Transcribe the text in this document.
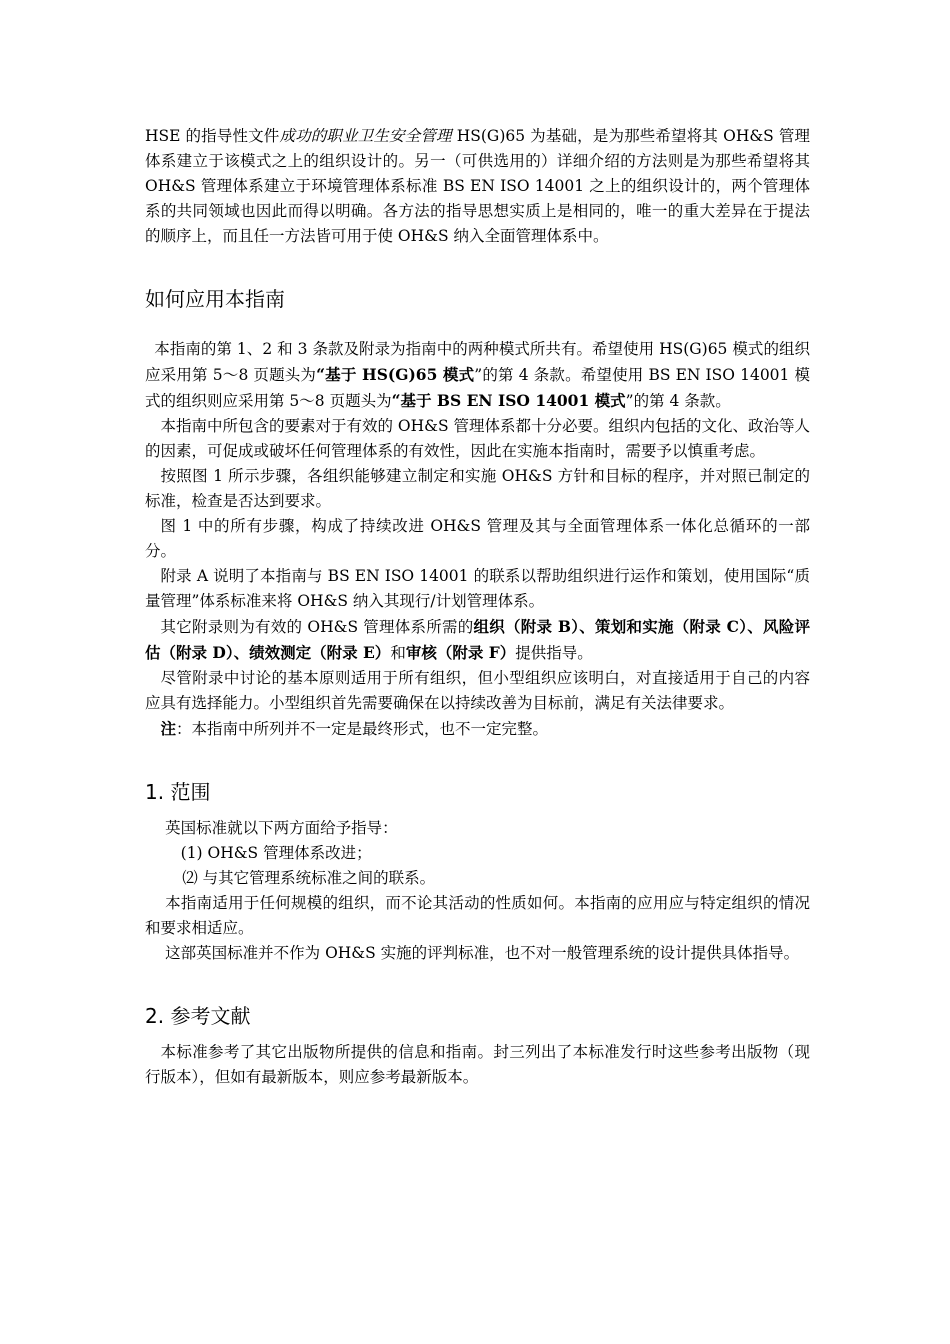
HSE 的指导性文件成功的职业卫生安全管理 HS(G)65 为基础，是为那些希望将其 OH&S 管理体系建立于该模式之上的组织设计的。另一（可供选用的）详细介绍的方法则是为那些希望将其 OH&S 管理体系建立于环境管理体系标准 BS EN ISO 14001 之上的组织设计的，两个管理体系的共同领域也因此而得以明确。各方法的指导思想实质上是相同的，唯一的重大差异在于提法的顺序上，而且任一方法皆可用于使 OH&S 纳入全面管理体系中。

如何应用本指南

本指南的第 1、2 和 3 条款及附录为指南中的两种模式所共有。希望使用 HS(G)65 模式的组织应采用第 5～8 页题头为“基于 HS(G)65 模式”的第 4 条款。希望使用 BS EN ISO 14001 模式的组织则应采用第 5～8 页题头为“基于 BS EN ISO 14001 模式”的第 4 条款。

本指南中所包含的要素对于有效的 OH&S 管理体系都十分必要。组织内包括的文化、政治等人的因素，可促成或破坏任何管理体系的有效性，因此在实施本指南时，需要予以慎重考虑。

按照图 1 所示步骤，各组织能够建立制定和实施 OH&S 方针和目标的程序，并对照已制定的标准，检查是否达到要求。

图 1 中的所有步骤，构成了持续改进 OH&S 管理及其与全面管理体系一体化总循环的一部分。

附录 A 说明了本指南与 BS EN ISO 14001 的联系以帮助组织进行运作和策划，使用国际“质量管理”体系标准来将 OH&S 纳入其现行/计划管理体系。

其它附录则为有效的 OH&S 管理体系所需的组织（附录 B）、策划和实施（附录 C）、风险评估（附录 D）、绩效测定（附录 E）和审核（附录 F）提供指导。

尽管附录中讨论的基本原则适用于所有组织，但小型组织应该明白，对直接适用于自己的内容应具有选择能力。小型组织首先需要确保在以持续改善为目标前，满足有关法律要求。

注：本指南中所列并不一定是最终形式，也不一定完整。

1. 范围

英国标准就以下两方面给予指导：

(1) OH&S 管理体系改进；

⑵ 与其它管理系统标准之间的联系。

本指南适用于任何规模的组织，而不论其活动的性质如何。本指南的应用应与特定组织的情况和要求相适应。

这部英国标准并不作为 OH&S 实施的评判标准，也不对一般管理系统的设计提供具体指导。

2. 参考文献

本标准参考了其它出版物所提供的信息和指南。封三列出了本标准发行时这些参考出版物（现行版本），但如有最新版本，则应参考最新版本。
